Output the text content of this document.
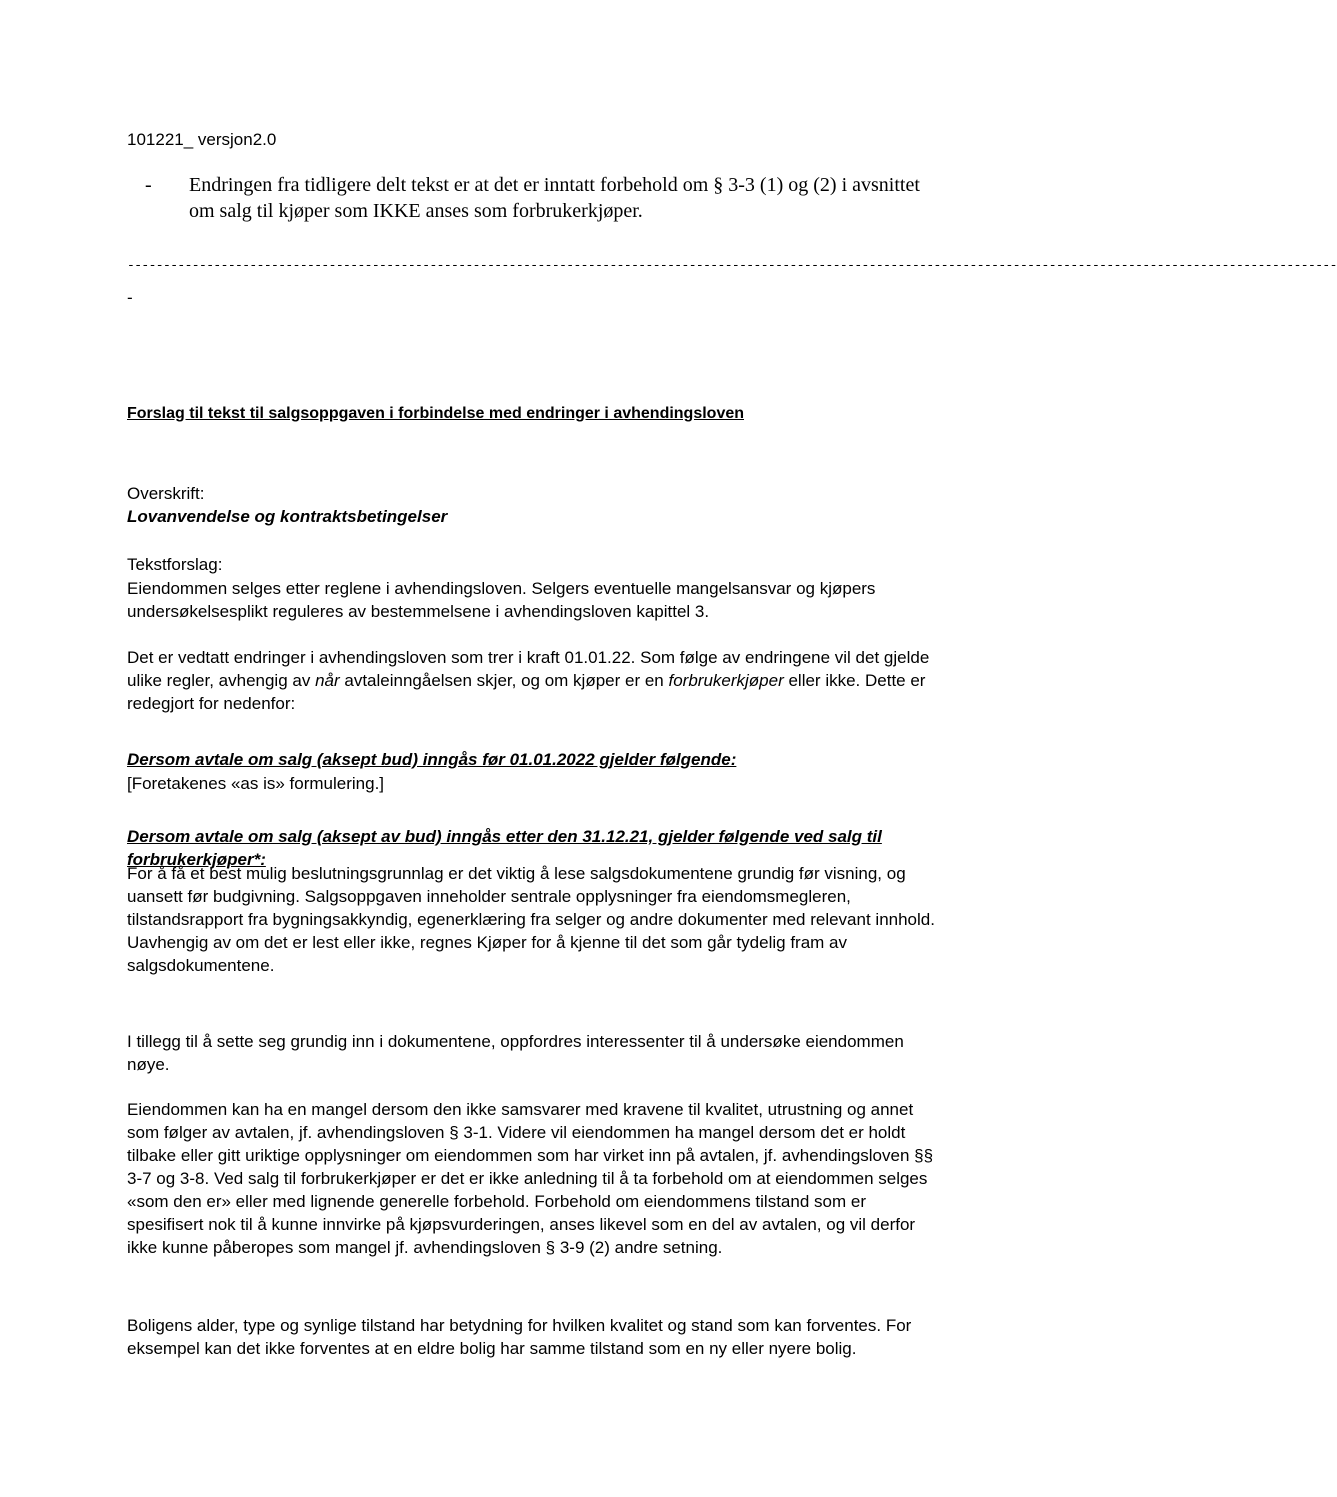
101221_ versjon2.0
- Endringen fra tidligere delt tekst er at det er inntatt forbehold om § 3-3 (1) og (2) i avsnittet om salg til kjøper som IKKE anses som forbrukerkjøper.
------------------------------------------------------------------------------------------------------------------------------------------------------------------------
-
Forslag til tekst til salgsoppgaven i forbindelse med endringer i avhendingsloven
Overskrift:
Lovanvendelse og kontraktsbetingelser
Tekstforslag:

Eiendommen selges etter reglene i avhendingsloven. Selgers eventuelle mangelsansvar og kjøpers undersøkelsesplikt reguleres av bestemmelsene i avhendingsloven kapittel 3.

Det er vedtatt endringer i avhendingsloven som trer i kraft 01.01.22. Som følge av endringene vil det gjelde ulike regler, avhengig av når avtaleinngåelsen skjer, og om kjøper er en forbrukerkjøper eller ikke. Dette er redegjort for nedenfor:

Dersom avtale om salg (aksept bud) inngås før 01.01.2022 gjelder følgende:
[Foretakenes «as is» formulering.]

Dersom avtale om salg (aksept av bud) inngås etter den 31.12.21, gjelder følgende ved salg til forbrukerkjøper*:

For å få et best mulig beslutningsgrunnlag er det viktig å lese salgsdokumentene grundig før visning, og uansett før budgivning. Salgsoppgaven inneholder sentrale opplysninger fra eiendomsmegleren, tilstandsrapport fra bygningsakkyndig, egenerklæring fra selger og andre dokumenter med relevant innhold. Uavhengig av om det er lest eller ikke, regnes Kjøper for å kjenne til det som går tydelig fram av salgsdokumentene.

I tillegg til å sette seg grundig inn i dokumentene, oppfordres interessenter til å undersøke eiendommen nøye.

Eiendommen kan ha en mangel dersom den ikke samsvarer med kravene til kvalitet, utrustning og annet som følger av avtalen, jf. avhendingsloven § 3-1. Videre vil eiendommen ha mangel dersom det er holdt tilbake eller gitt uriktige opplysninger om eiendommen som har virket inn på avtalen, jf. avhendingsloven §§ 3-7 og 3-8. Ved salg til forbrukerkjøper er det er ikke anledning til å ta forbehold om at eiendommen selges «som den er» eller med lignende generelle forbehold. Forbehold om eiendommens tilstand som er spesifisert nok til å kunne innvirke på kjøpsvurderingen, anses likevel som en del av avtalen, og vil derfor ikke kunne påberopes som mangel jf. avhendingsloven § 3-9 (2) andre setning.

Boligens alder, type og synlige tilstand har betydning for hvilken kvalitet og stand som kan forventes. For eksempel kan det ikke forventes at en eldre bolig har samme tilstand som en ny eller nyere bolig.
